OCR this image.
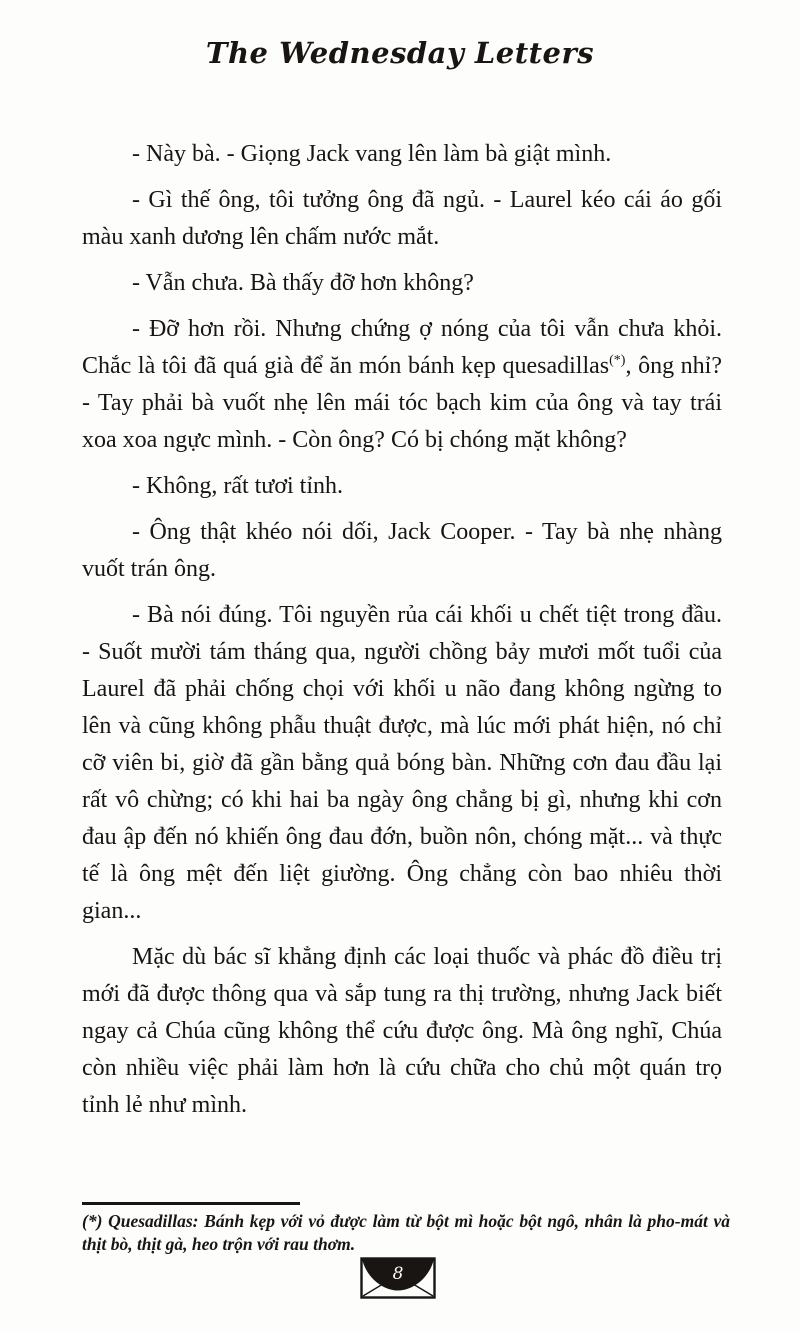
The Wednesday Letters

- Này bà. - Giọng Jack vang lên làm bà giật mình.

- Gì thế ông, tôi tưởng ông đã ngủ. - Laurel kéo cái áo gối màu xanh dương lên chấm nước mắt.

- Vẫn chưa. Bà thấy đỡ hơn không?

- Đỡ hơn rồi. Nhưng chứng ợ nóng của tôi vẫn chưa khỏi. Chắc là tôi đã quá già để ăn món bánh kẹp quesadillas(*), ông nhỉ? - Tay phải bà vuốt nhẹ lên mái tóc bạch kim của ông và tay trái xoa xoa ngực mình. - Còn ông? Có bị chóng mặt không?

- Không, rất tươi tỉnh.

- Ông thật khéo nói dối, Jack Cooper. - Tay bà nhẹ nhàng vuốt trán ông.

- Bà nói đúng. Tôi nguyền rủa cái khối u chết tiệt trong đầu. - Suốt mười tám tháng qua, người chồng bảy mươi mốt tuổi của Laurel đã phải chống chọi với khối u não đang không ngừng to lên và cũng không phẫu thuật được, mà lúc mới phát hiện, nó chỉ cỡ viên bi, giờ đã gần bằng quả bóng bàn. Những cơn đau đầu lại rất vô chừng; có khi hai ba ngày ông chẳng bị gì, nhưng khi cơn đau ập đến nó khiến ông đau đớn, buồn nôn, chóng mặt... và thực tế là ông mệt đến liệt giường. Ông chẳng còn bao nhiêu thời gian...

Mặc dù bác sĩ khẳng định các loại thuốc và phác đồ điều trị mới đã được thông qua và sắp tung ra thị trường, nhưng Jack biết ngay cả Chúa cũng không thể cứu được ông. Mà ông nghĩ, Chúa còn nhiều việc phải làm hơn là cứu chữa cho chủ một quán trọ tỉnh lẻ như mình.

(*) Quesadillas: Bánh kẹp với vỏ được làm từ bột mì hoặc bột ngô, nhân là pho-mát và thịt bò, thịt gà, heo trộn với rau thơm.
8
